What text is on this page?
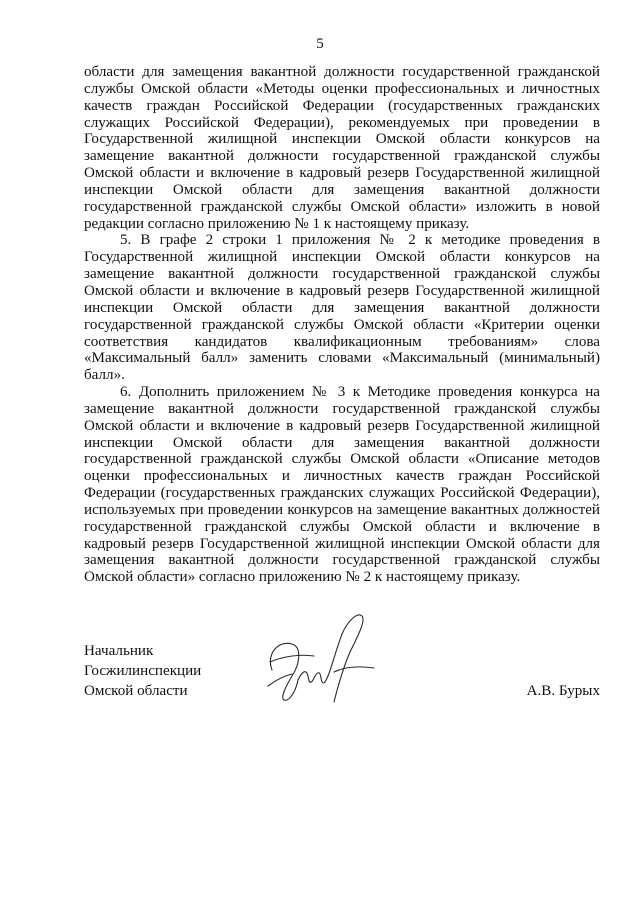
5

области для замещения вакантной должности государственной гражданской службы Омской области «Методы оценки профессиональных и личностных качеств граждан Российской Федерации (государственных гражданских служащих Российской Федерации), рекомендуемых при проведении в Государственной жилищной инспекции Омской области конкурсов на замещение вакантной должности государственной гражданской службы Омской области и включение в кадровый резерв Государственной жилищной инспекции Омской области для замещения вакантной должности государственной гражданской службы Омской области» изложить в новой редакции согласно приложению № 1 к настоящему приказу.

5. В графе 2 строки 1 приложения № 2 к методике проведения в Государственной жилищной инспекции Омской области конкурсов на замещение вакантной должности государственной гражданской службы Омской области и включение в кадровый резерв Государственной жилищной инспекции Омской области для замещения вакантной должности государственной гражданской службы Омской области «Критерии оценки соответствия кандидатов квалификационным требованиям» слова «Максимальный балл» заменить словами «Максимальный (минимальный) балл».

6. Дополнить приложением № 3 к Методике проведения конкурса на замещение вакантной должности государственной гражданской службы Омской области и включение в кадровый резерв Государственной жилищной инспекции Омской области для замещения вакантной должности государственной гражданской службы Омской области «Описание методов оценки профессиональных и личностных качеств граждан Российской Федерации (государственных гражданских служащих Российской Федерации), используемых при проведении конкурсов на замещение вакантных должностей государственной гражданской службы Омской области и включение в кадровый резерв Государственной жилищной инспекции Омской области для замещения вакантной должности государственной гражданской службы Омской области» согласно приложению № 2 к настоящему приказу.

Начальник
Госжилинспекции
Омской области	А.В. Бурых
